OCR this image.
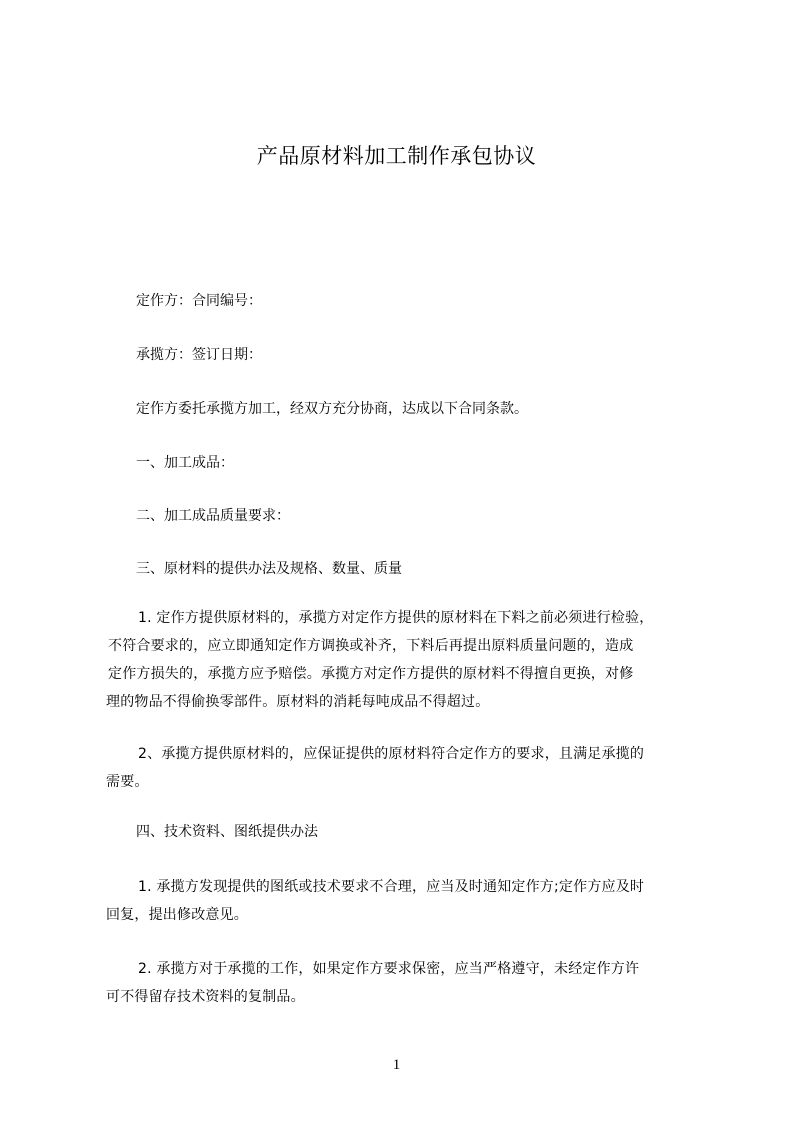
产品原材料加工制作承包协议
定作方：合同编号：
承揽方：签订日期：
定作方委托承揽方加工，经双方充分协商，达成以下合同条款。
一、加工成品：
二、加工成品质量要求：
三、原材料的提供办法及规格、数量、质量
1. 定作方提供原材料的，承揽方对定作方提供的原材料在下料之前必须进行检验，
不符合要求的，应立即通知定作方调换或补齐，下料后再提出原料质量问题的，造成
定作方损失的，承揽方应予赔偿。承揽方对定作方提供的原材料不得擅自更换，对修
理的物品不得偷换零部件。原材料的消耗每吨成品不得超过。
2、承揽方提供原材料的，应保证提供的原材料符合定作方的要求，且满足承揽的
需要。
四、技术资料、图纸提供办法
1. 承揽方发现提供的图纸或技术要求不合理，应当及时通知定作方;定作方应及时
回复，提出修改意见。
2. 承揽方对于承揽的工作，如果定作方要求保密，应当严格遵守，未经定作方许
可不得留存技术资料的复制品。
1
